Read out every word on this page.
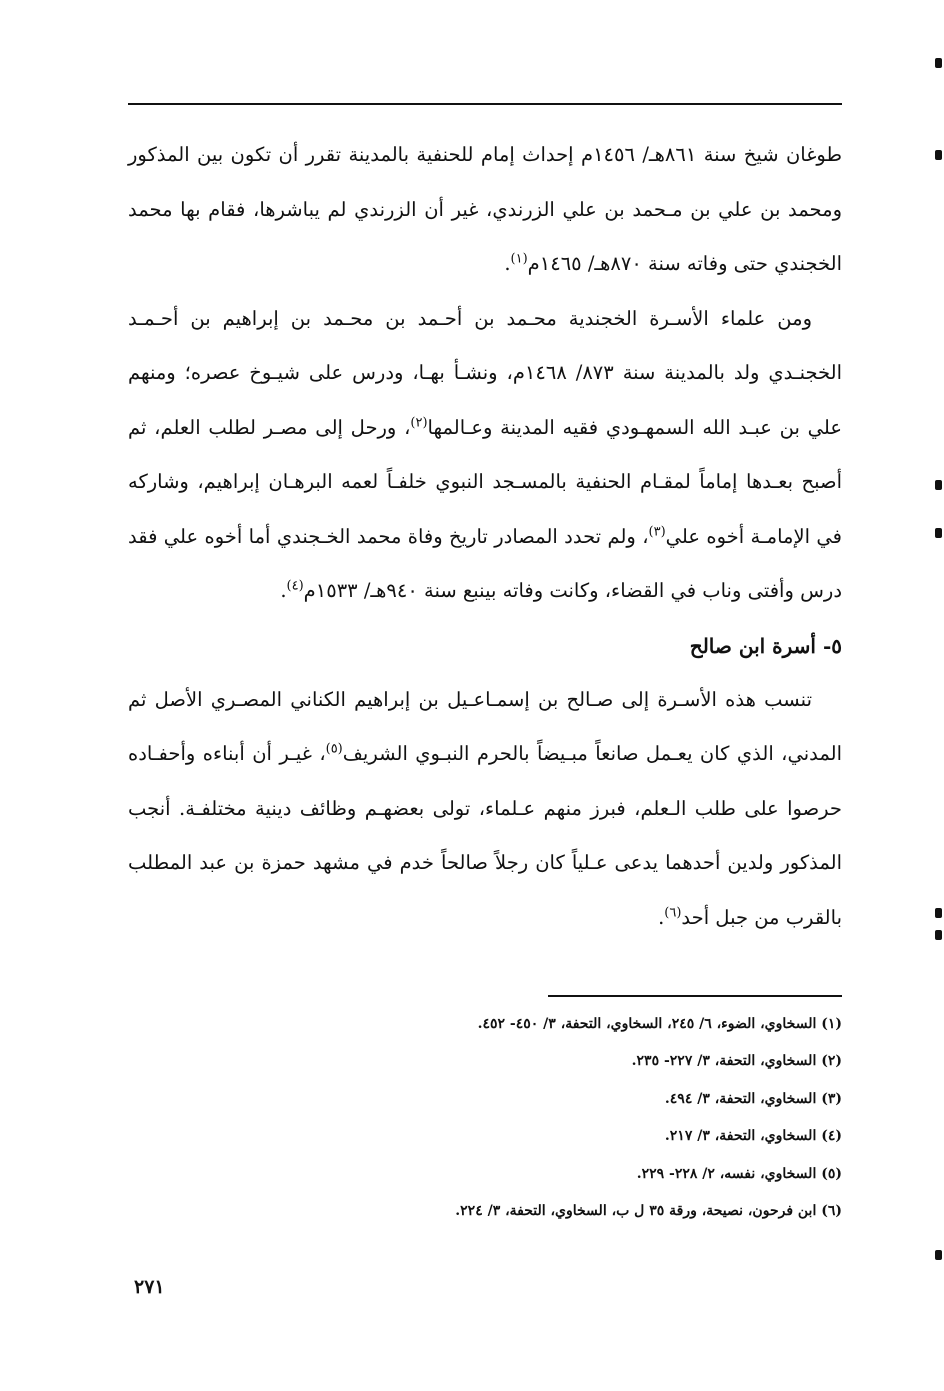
طوغان شيخ سنة ٨٦١هـ/ ١٤٥٦م إحداث إمام للحنفية بالمدينة تقرر أن تكون بين المذكور ومحمد بن علي بن مـحمد بن علي الزرندي، غير أن الزرندي لم يباشرها، فقام بها محمد الخجندي حتى وفاته سنة ٨٧٠هـ/ ١٤٦٥م$^{(١)}$.

ومن علماء الأسـرة الخجندية محـمد بن أحـمد بن محـمد بن إبراهيم بن أحـمـد الخجنـدي ولد بالمدينة سنة ٨٧٣/ ١٤٦٨م، ونشـأ بهـا، ودرس على شيـوخ عصره؛ ومنهم علي بن عبـد الله السمهـودي فقيه المدينة وعـالمها$^{(٢)}$، ورحل إلى مصـر لطلب العلم، ثم أصبح بعـدها إماماً لمقـام الحنفية بالمسـجد النبوي خلفـاً لعمه البرهـان إبراهيم، وشاركه في الإمامـة أخوه علي$^{(٣)}$، ولم تحدد المصادر تاريخ وفاة محمد الخـجندي أما أخوه علي فقد درس وأفتى وناب في القضاء، وكانت وفاته بينبع سنة ٩٤٠هـ/ ١٥٣٣م$^{(٤)}$.

٥- أسرة ابن صالح

تنسب هذه الأسـرة إلى صـالح بن إسمـاعـيل بن إبراهيم الكناني المصـري الأصل ثم المدني، الذي كان يعـمل صانعاً مبـيضاً بالحرم النبـوي الشريف$^{(٥)}$، غيـر أن أبناءه وأحفـاده حرصوا على طلب الـعلم، فبرز منهم عـلماء، تولى بعضهـم وظائف دينية مختلفـة. أنجب المذكور ولدين أحدهما يدعى عـلياً كان رجلاً صالحاً خدم في مشهد حمزة بن عبد المطلب بالقرب من جبل أحد$^{(٦)}$.

(١) السخاوي، الضوء، ٦/ ٢٤٥، السخاوي، التحفة، ٣/ ٤٥٠- ٤٥٢.
(٢) السخاوي، التحفة، ٣/ ٢٢٧- ٢٣٥.
(٣) السخاوي، التحفة، ٣/ ٤٩٤.
(٤) السخاوي، التحفة، ٣/ ٢١٧.
(٥) السخاوي، نفسه، ٢/ ٢٢٨- ٢٢٩.
(٦) ابن فرحون، نصيحة، ورقة ٣٥ ل ب، السخاوي، التحفة، ٣/ ٢٢٤.
٢٧١
